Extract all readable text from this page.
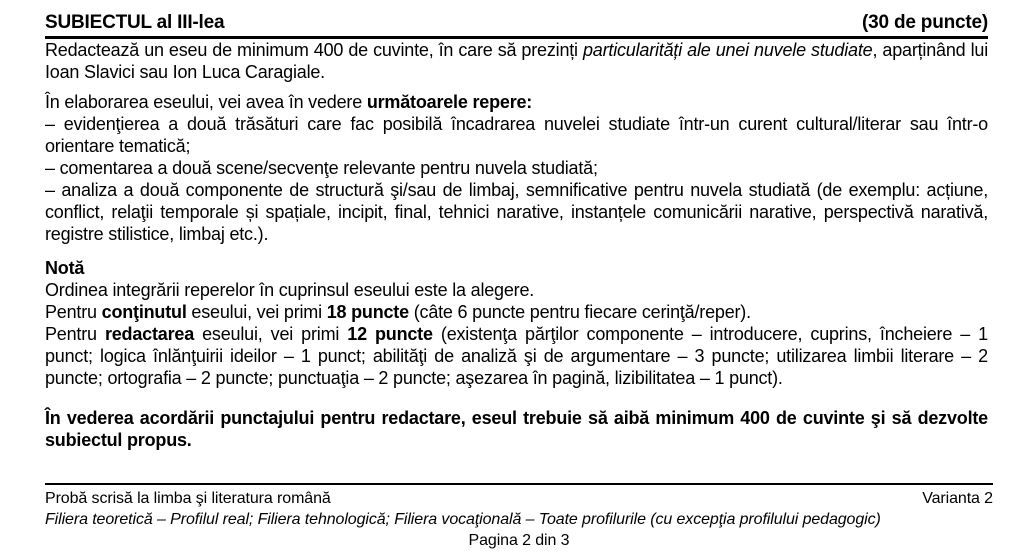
SUBIECTUL al III-lea	(30 de puncte)

Redactează un eseu de minimum 400 de cuvinte, în care să prezinți particularități ale unei nuvele studiate, aparținând lui Ioan Slavici sau Ion Luca Caragiale.

În elaborarea eseului, vei avea în vedere următoarele repere:

– evidenţierea a două trăsături care fac posibilă încadrarea nuvelei studiate într-un curent cultural/literar sau într-o orientare tematică;

– comentarea a două scene/secvenţe relevante pentru nuvela studiată;

– analiza a două componente de structură şi/sau de limbaj, semnificative pentru nuvela studiată (de exemplu: acțiune, conflict, relaţii temporale și spațiale, incipit, final, tehnici narative, instanțele comunicării narative, perspectivă narativă, registre stilistice, limbaj etc.).

Notă

Ordinea integrării reperelor în cuprinsul eseului este la alegere.

Pentru conţinutul eseului, vei primi 18 puncte (câte 6 puncte pentru fiecare cerinţă/reper).

Pentru redactarea eseului, vei primi 12 puncte (existenţa părţilor componente – introducere, cuprins, încheiere – 1 punct; logica înlănţuirii ideilor – 1 punct; abilităţi de analiză şi de argumentare – 3 puncte; utilizarea limbii literare – 2 puncte; ortografia – 2 puncte; punctuaţia – 2 puncte; aşezarea în pagină, lizibilitatea – 1 punct).

În vederea acordării punctajului pentru redactare, eseul trebuie să aibă minimum 400 de cuvinte şi să dezvolte subiectul propus.

Probă scrisă la limba şi literatura română	Varianta 2
Filiera teoretică – Profilul real; Filiera tehnologică; Filiera vocaţională – Toate profilurile (cu excepţia profilului pedagogic)
Pagina 2 din 3
